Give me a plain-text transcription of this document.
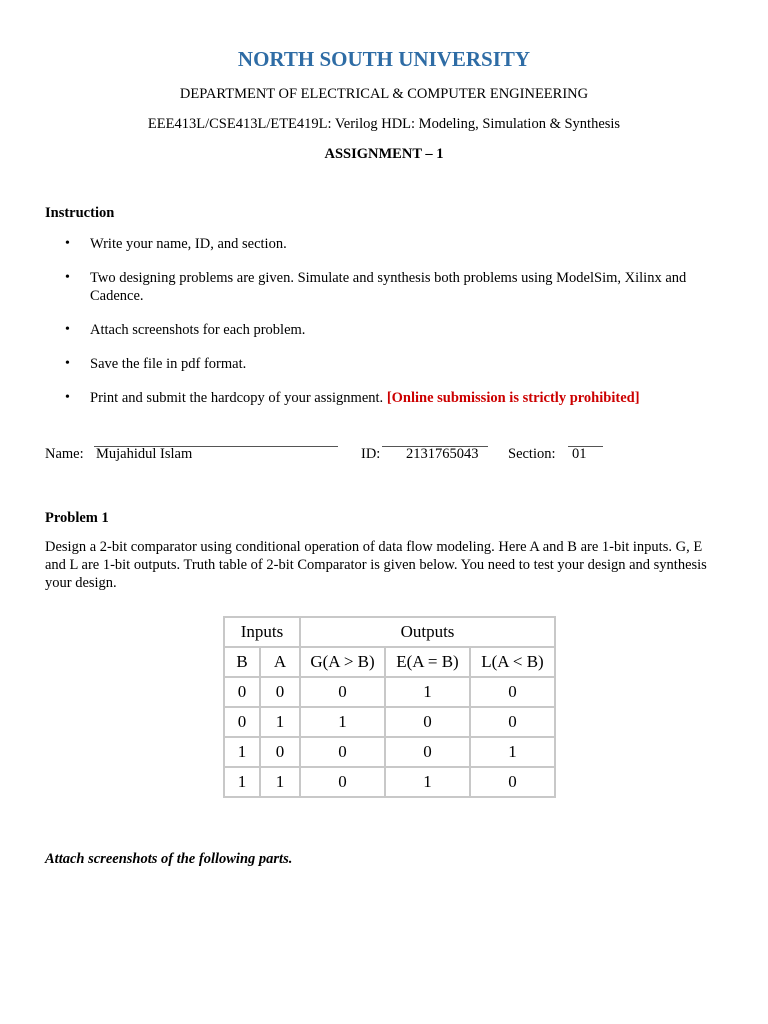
NORTH SOUTH UNIVERSITY
DEPARTMENT OF ELECTRICAL & COMPUTER ENGINEERING
EEE413L/CSE413L/ETE419L: Verilog HDL: Modeling, Simulation & Synthesis
ASSIGNMENT – 1
Instruction
• Write your name, ID, and section.
• Two designing problems are given. Simulate and synthesis both problems using ModelSim, Xilinx and Cadence.
• Attach screenshots for each problem.
• Save the file in pdf format.
• Print and submit the hardcopy of your assignment. [Online submission is strictly prohibited]
Name: Mujahidul Islam	ID:	2131765043 Section: 01
Problem 1
Design a 2-bit comparator using conditional operation of data flow modeling. Here A and B are 1-bit inputs. G, E and L are 1-bit outputs. Truth table of 2-bit Comparator is given below. You need to test your design and synthesis your design.
Inputs		Outputs		
B	A	G(A > B)	E(A = B)	L(A < B)
0	0	0	1	0
0	1	1	0	0
1	0	0	0	1
1	1	0	1	0
Attach screenshots of the following parts.
